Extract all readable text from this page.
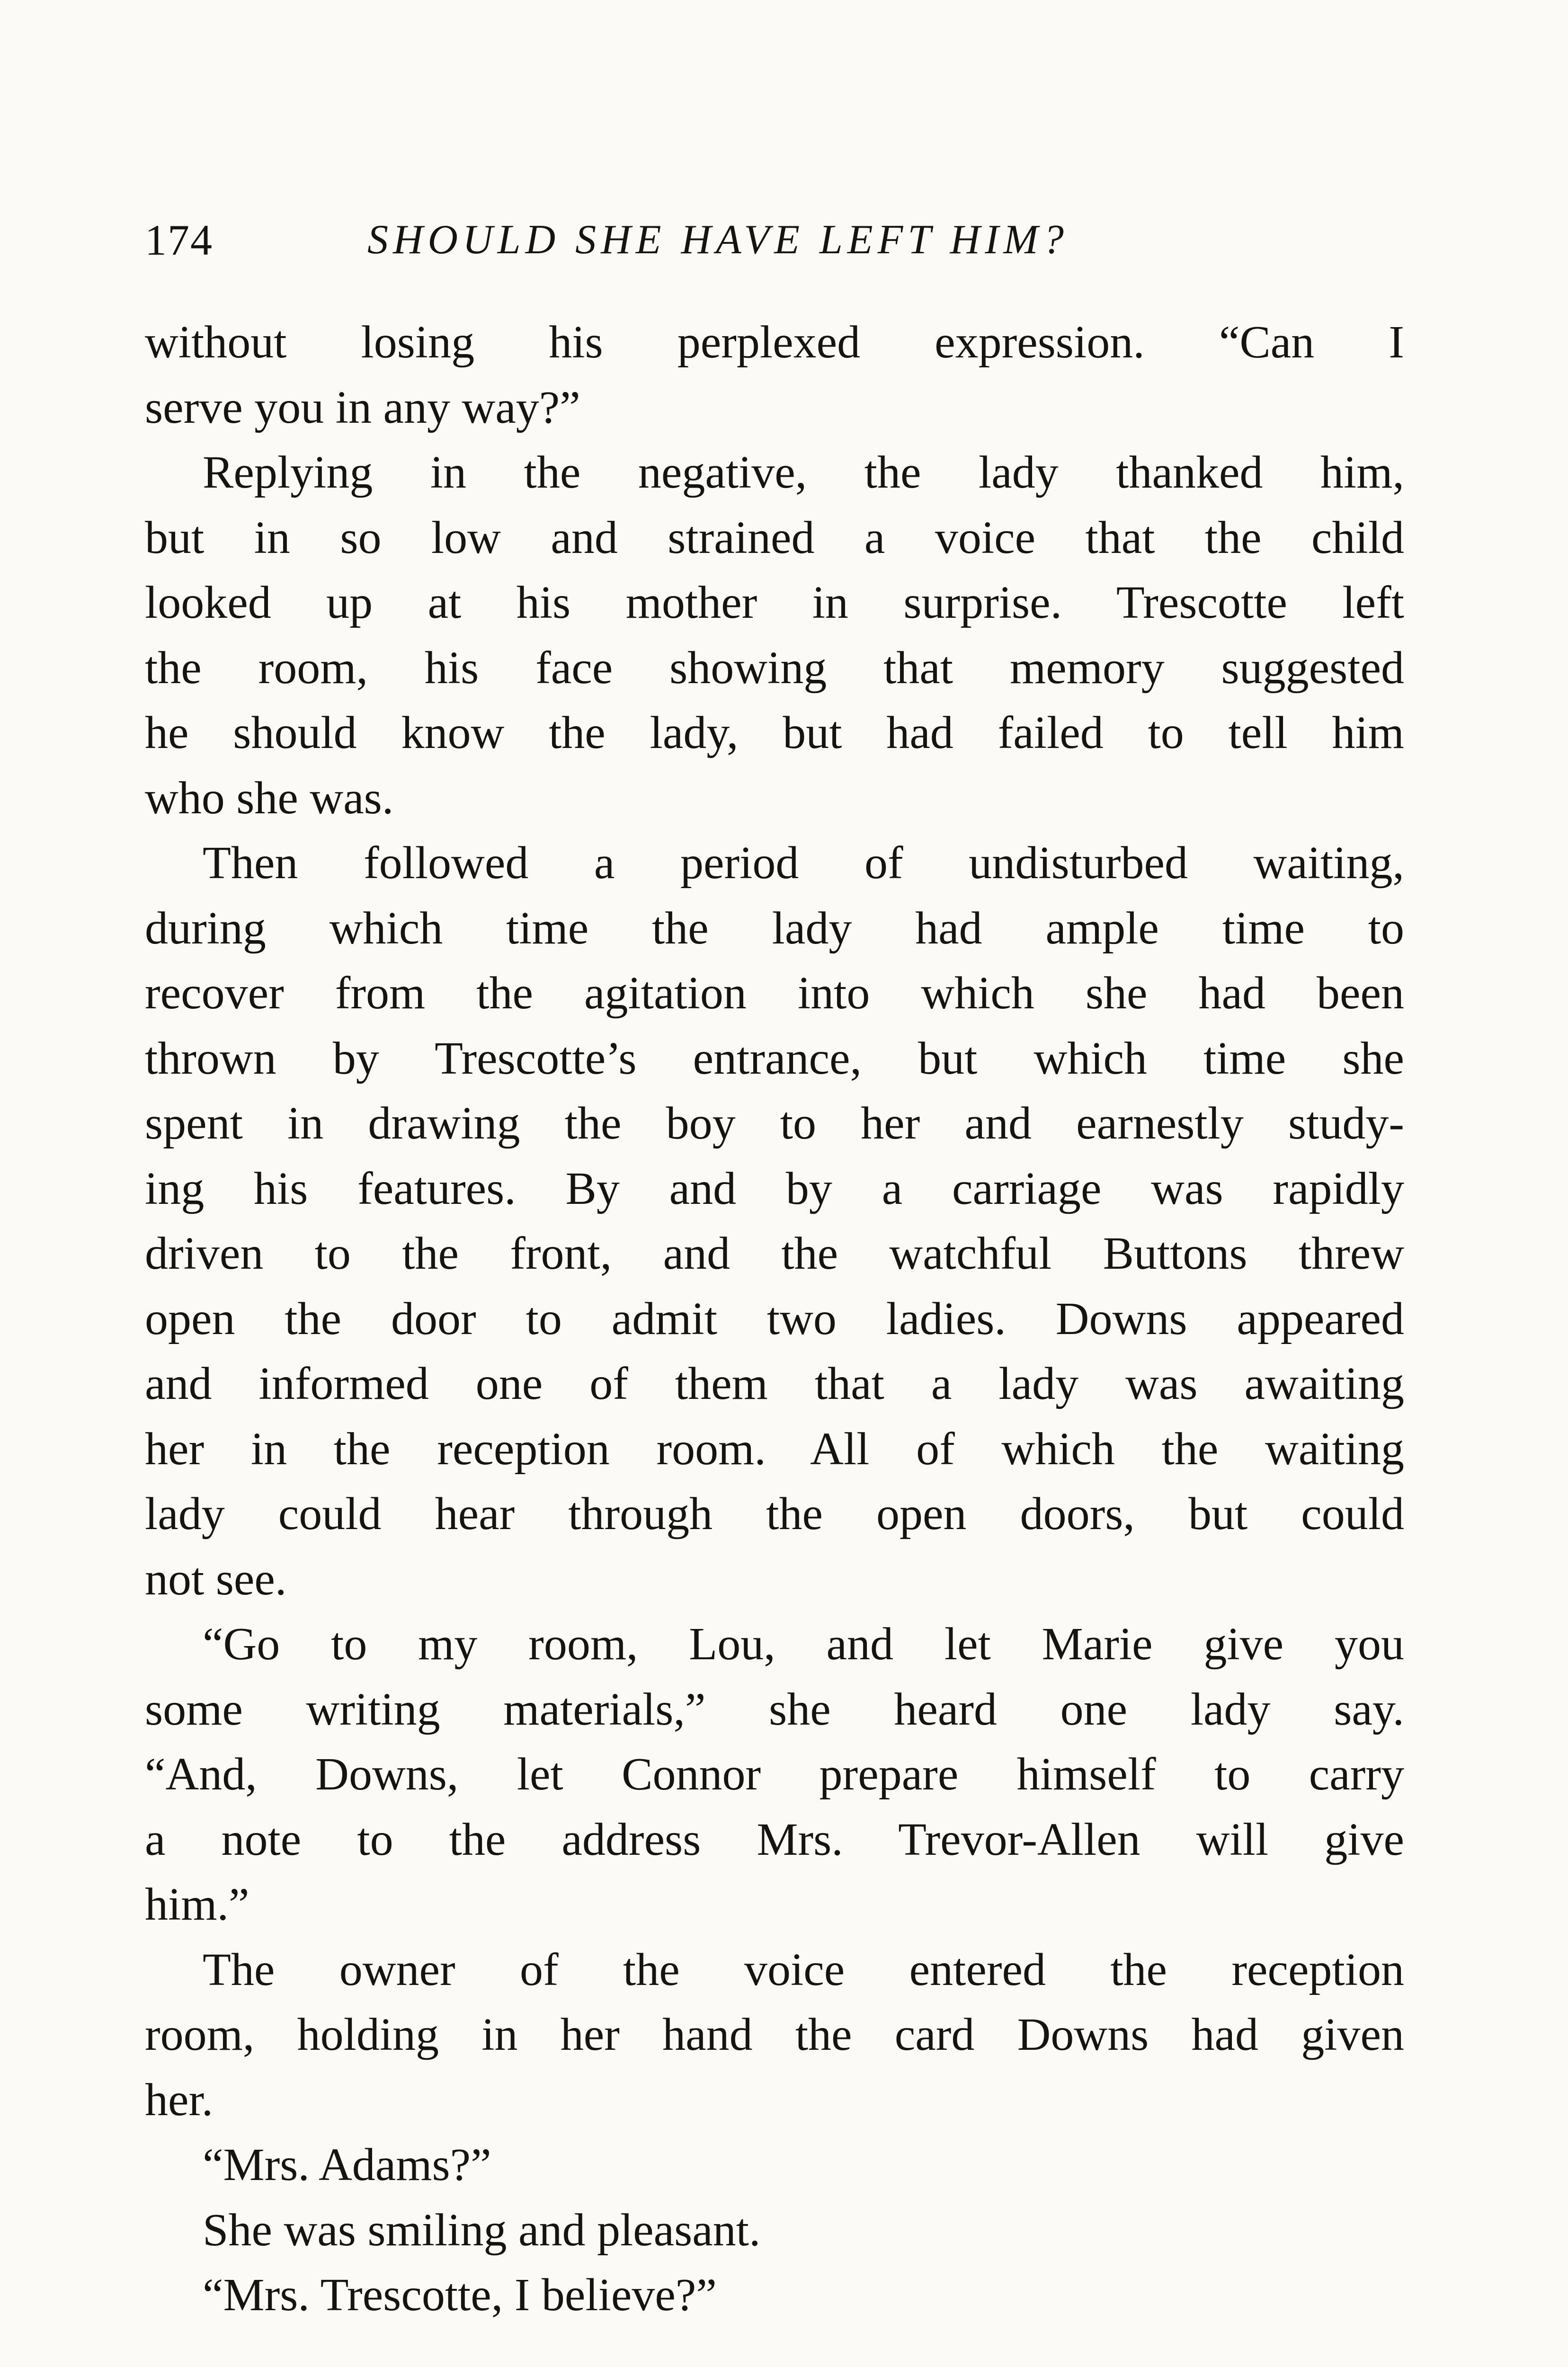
174	SHOULD SHE HAVE LEFT HIM?
without losing his perplexed expression. “Can I
serve you in any way?”
Replying in the negative, the lady thanked him,
but in so low and strained a voice that the child
looked up at his mother in surprise. Trescotte left
the room, his face showing that memory suggested
he should know the lady, but had failed to tell him
who she was.
Then followed a period of undisturbed waiting,
during which time the lady had ample time to
recover from the agitation into which she had been
thrown by Trescotte’s entrance, but which time she
spent in drawing the boy to her and earnestly study-
ing his features. By and by a carriage was rapidly
driven to the front, and the watchful Buttons threw
open the door to admit two ladies. Downs appeared
and informed one of them that a lady was awaiting
her in the reception room. All of which the waiting
lady could hear through the open doors, but could
not see.
“Go to my room, Lou, and let Marie give you
some writing materials,” she heard one lady say.
“And, Downs, let Connor prepare himself to carry
a note to the address Mrs. Trevor-Allen will give
him.”
The owner of the voice entered the reception
room, holding in her hand the card Downs had given
her.
“Mrs. Adams?”
She was smiling and pleasant.
“Mrs. Trescotte, I believe?”
